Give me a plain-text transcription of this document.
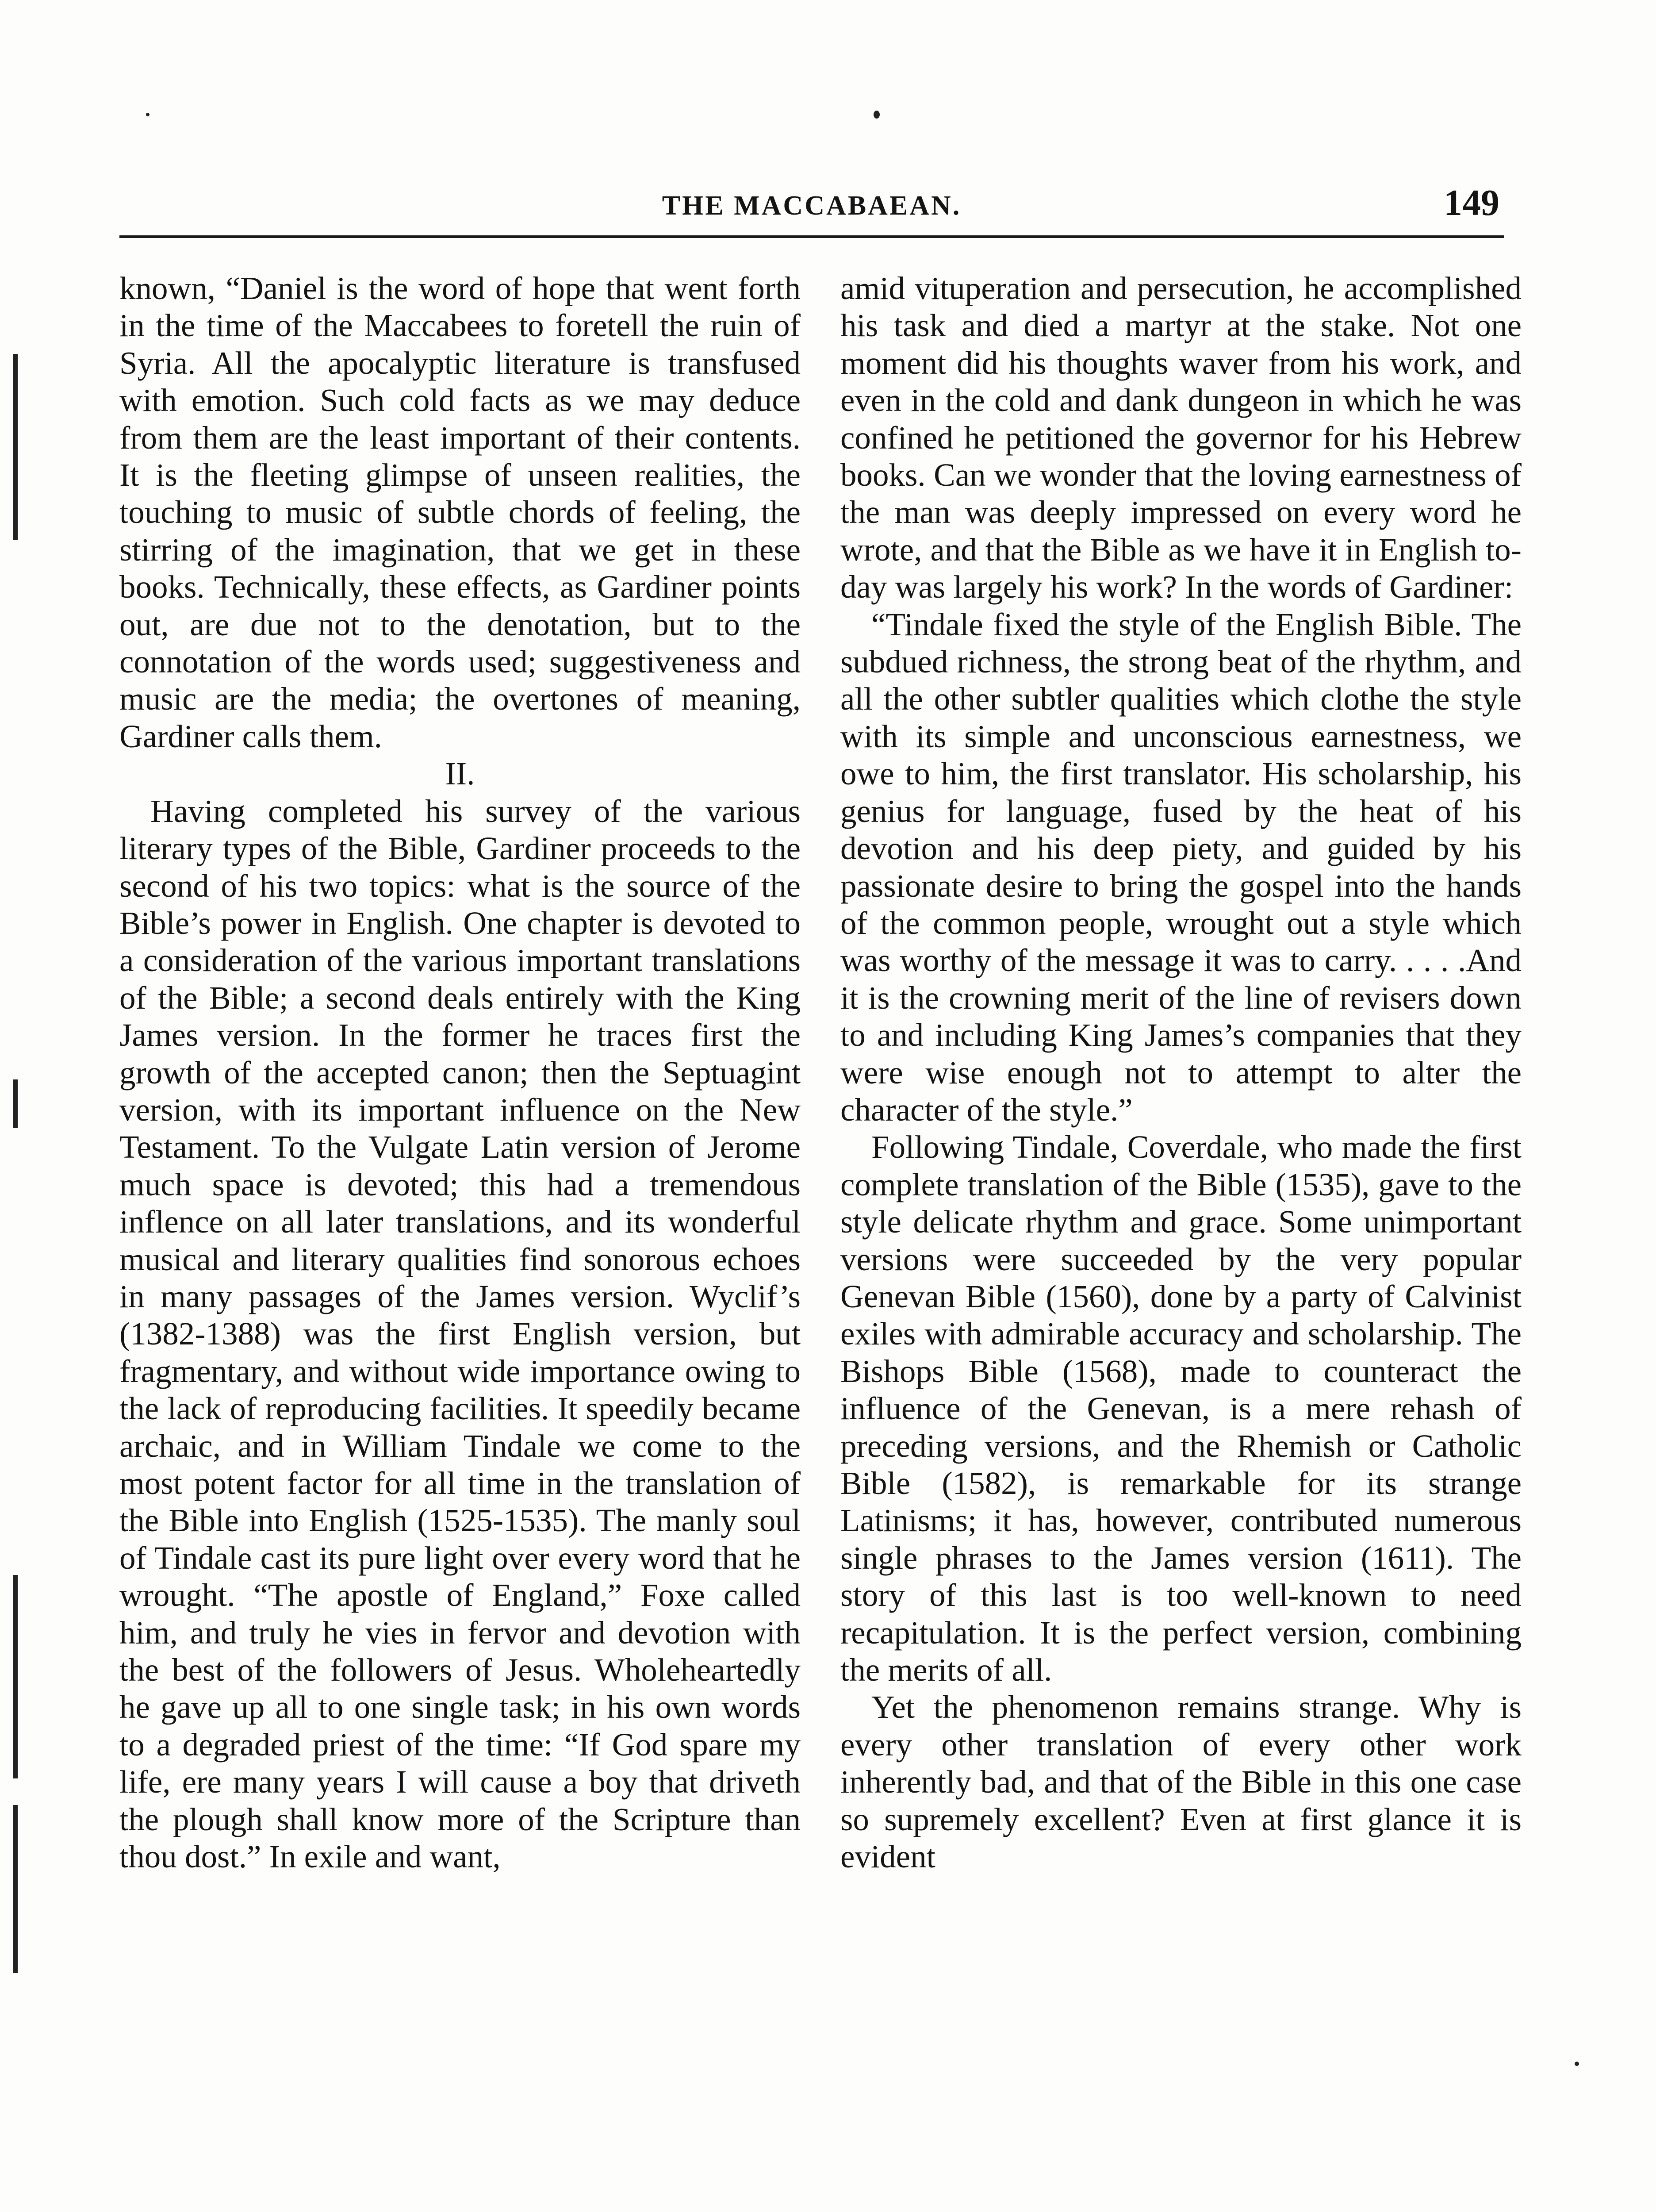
THE MACCABAEAN.	149

known, “Daniel is the word of hope that went forth in the time of the Maccabees to foretell the ruin of Syria. All the apocalyptic literature is transfused with emotion. Such cold facts as we may deduce from them are the least important of their contents. It is the fleeting glimpse of unseen realities, the touching to music of subtle chords of feeling, the stirring of the imagination, that we get in these books. Technically, these effects, as Gardiner points out, are due not to the denotation, but to the connotation of the words used; suggestiveness and music are the media; the overtones of meaning, Gardiner calls them.

II.

Having completed his survey of the various literary types of the Bible, Gardiner proceeds to the second of his two topics: what is the source of the Bible’s power in English. One chapter is devoted to a consideration of the various important translations of the Bible; a second deals entirely with the King James version. In the former he traces first the growth of the accepted canon; then the Septuagint version, with its important influence on the New Testament. To the Vulgate Latin version of Jerome much space is devoted; this had a tremendous inflence on all later translations, and its wonderful musical and literary qualities find sonorous echoes in many passages of the James version. Wyclif’s (1382-1388) was the first English version, but fragmentary, and without wide importance owing to the lack of reproducing facilities. It speedily became archaic, and in William Tindale we come to the most potent factor for all time in the translation of the Bible into English (1525-1535). The manly soul of Tindale cast its pure light over every word that he wrought. “The apostle of England,” Foxe called him, and truly he vies in fervor and devotion with the best of the followers of Jesus. Wholeheartedly he gave up all to one single task; in his own words to a degraded priest of the time: “If God spare my life, ere many years I will cause a boy that driveth the plough shall know more of the Scripture than thou dost.” In exile and want,

amid vituperation and persecution, he accomplished his task and died a martyr at the stake. Not one moment did his thoughts waver from his work, and even in the cold and dank dungeon in which he was confined he petitioned the governor for his Hebrew books. Can we wonder that the loving earnestness of the man was deeply impressed on every word he wrote, and that the Bible as we have it in English to-day was largely his work? In the words of Gardiner:

“Tindale fixed the style of the English Bible. The subdued richness, the strong beat of the rhythm, and all the other subtler qualities which clothe the style with its simple and unconscious earnestness, we owe to him, the first translator. His scholarship, his genius for language, fused by the heat of his devotion and his deep piety, and guided by his passionate desire to bring the gospel into the hands of the common people, wrought out a style which was worthy of the message it was to carry. . . . .And it is the crowning merit of the line of revisers down to and including King James’s companies that they were wise enough not to attempt to alter the character of the style.”

Following Tindale, Coverdale, who made the first complete translation of the Bible (1535), gave to the style delicate rhythm and grace. Some unimportant versions were succeeded by the very popular Genevan Bible (1560), done by a party of Calvinist exiles with admirable accuracy and scholarship. The Bishops Bible (1568), made to counteract the influence of the Genevan, is a mere rehash of preceding versions, and the Rhemish or Catholic Bible (1582), is remarkable for its strange Latinisms; it has, however, contributed numerous single phrases to the James version (1611). The story of this last is too well-known to need recapitulation. It is the perfect version, combining the merits of all.

Yet the phenomenon remains strange. Why is every other translation of every other work inherently bad, and that of the Bible in this one case so supremely excellent? Even at first glance it is evident
